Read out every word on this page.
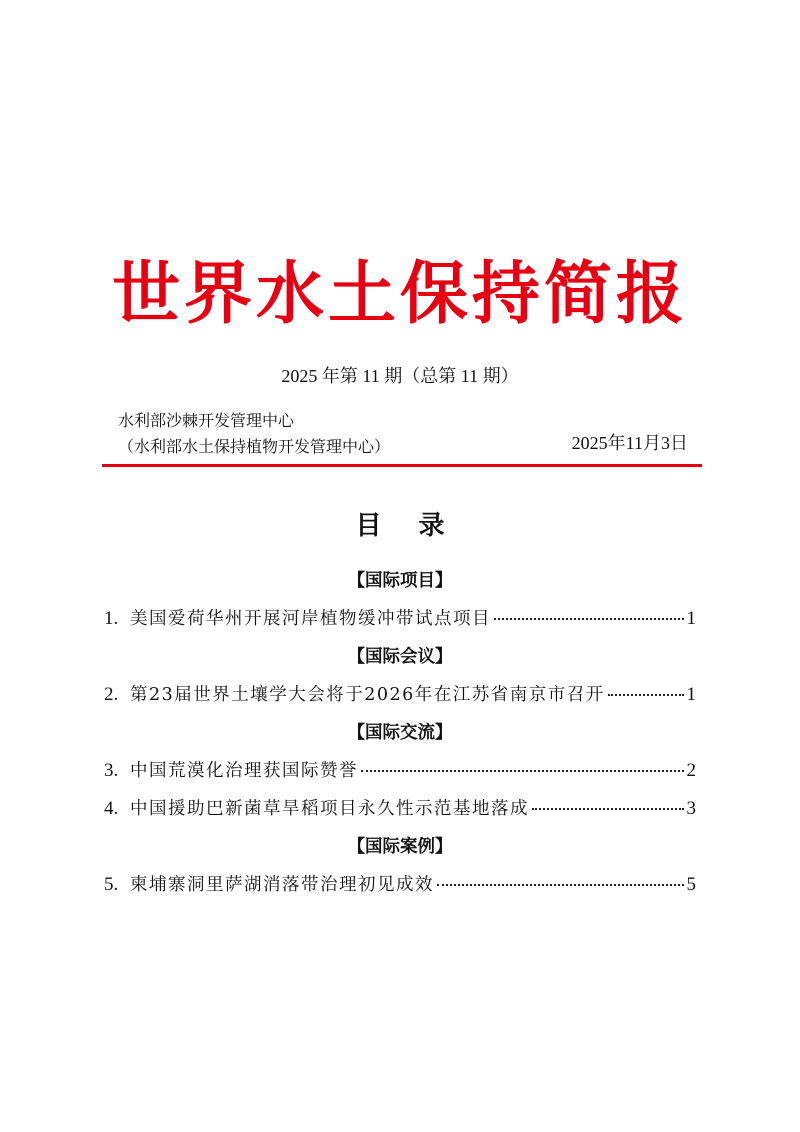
世界水土保持简报
2025 年第 11 期（总第 11 期）
水利部沙棘开发管理中心
（水利部水土保持植物开发管理中心）	2025年11月3日
目 录
【国际项目】
1. 美国爱荷华州开展河岸植物缓冲带试点项目	1
【国际会议】
2. 第23届世界土壤学大会将于2026年在江苏省南京市召开	1
【国际交流】
3. 中国荒漠化治理获国际赞誉	2
4. 中国援助巴新菌草旱稻项目永久性示范基地落成	3
【国际案例】
5. 柬埔寨洞里萨湖消落带治理初见成效	5
